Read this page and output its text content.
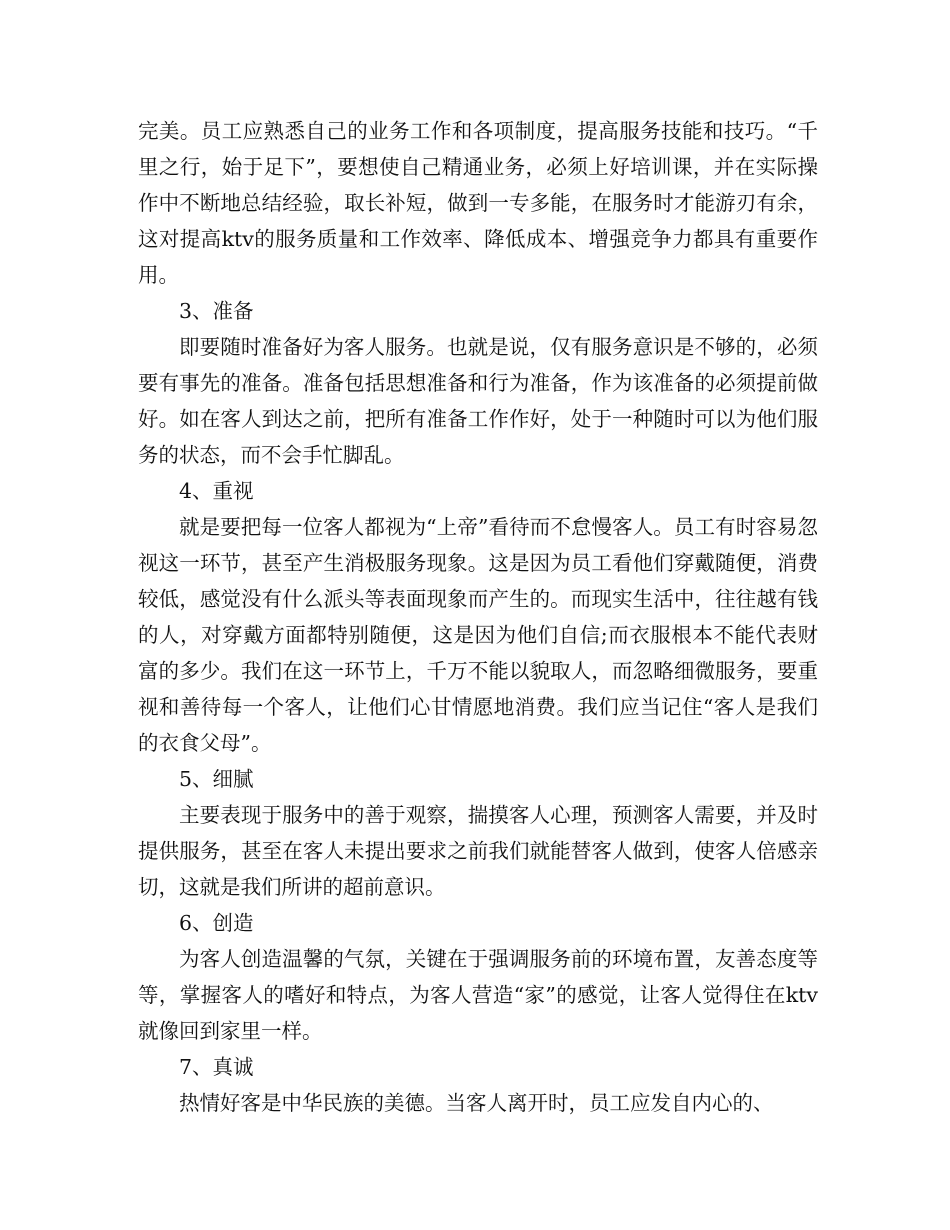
完美。员工应熟悉自己的业务工作和各项制度，提高服务技能和技巧。“千里之行，始于足下”，要想使自己精通业务，必须上好培训课，并在实际操作中不断地总结经验，取长补短，做到一专多能，在服务时才能游刃有余，这对提高ktv的服务质量和工作效率、降低成本、增强竞争力都具有重要作用。

3、准备

即要随时准备好为客人服务。也就是说，仅有服务意识是不够的，必须要有事先的准备。准备包括思想准备和行为准备，作为该准备的必须提前做好。如在客人到达之前，把所有准备工作作好，处于一种随时可以为他们服务的状态，而不会手忙脚乱。

4、重视

就是要把每一位客人都视为“上帝”看待而不怠慢客人。员工有时容易忽视这一环节，甚至产生消极服务现象。这是因为员工看他们穿戴随便，消费较低，感觉没有什么派头等表面现象而产生的。而现实生活中，往往越有钱的人，对穿戴方面都特别随便，这是因为他们自信;而衣服根本不能代表财富的多少。我们在这一环节上，千万不能以貌取人，而忽略细微服务，要重视和善待每一个客人，让他们心甘情愿地消费。我们应当记住“客人是我们的衣食父母”。

5、细腻

主要表现于服务中的善于观察，揣摸客人心理，预测客人需要，并及时提供服务，甚至在客人未提出要求之前我们就能替客人做到，使客人倍感亲切，这就是我们所讲的超前意识。

6、创造

为客人创造温馨的气氛，关键在于强调服务前的环境布置，友善态度等等，掌握客人的嗜好和特点，为客人营造“家”的感觉，让客人觉得住在ktv就像回到家里一样。

7、真诚

热情好客是中华民族的美德。当客人离开时，员工应发自内心的、
